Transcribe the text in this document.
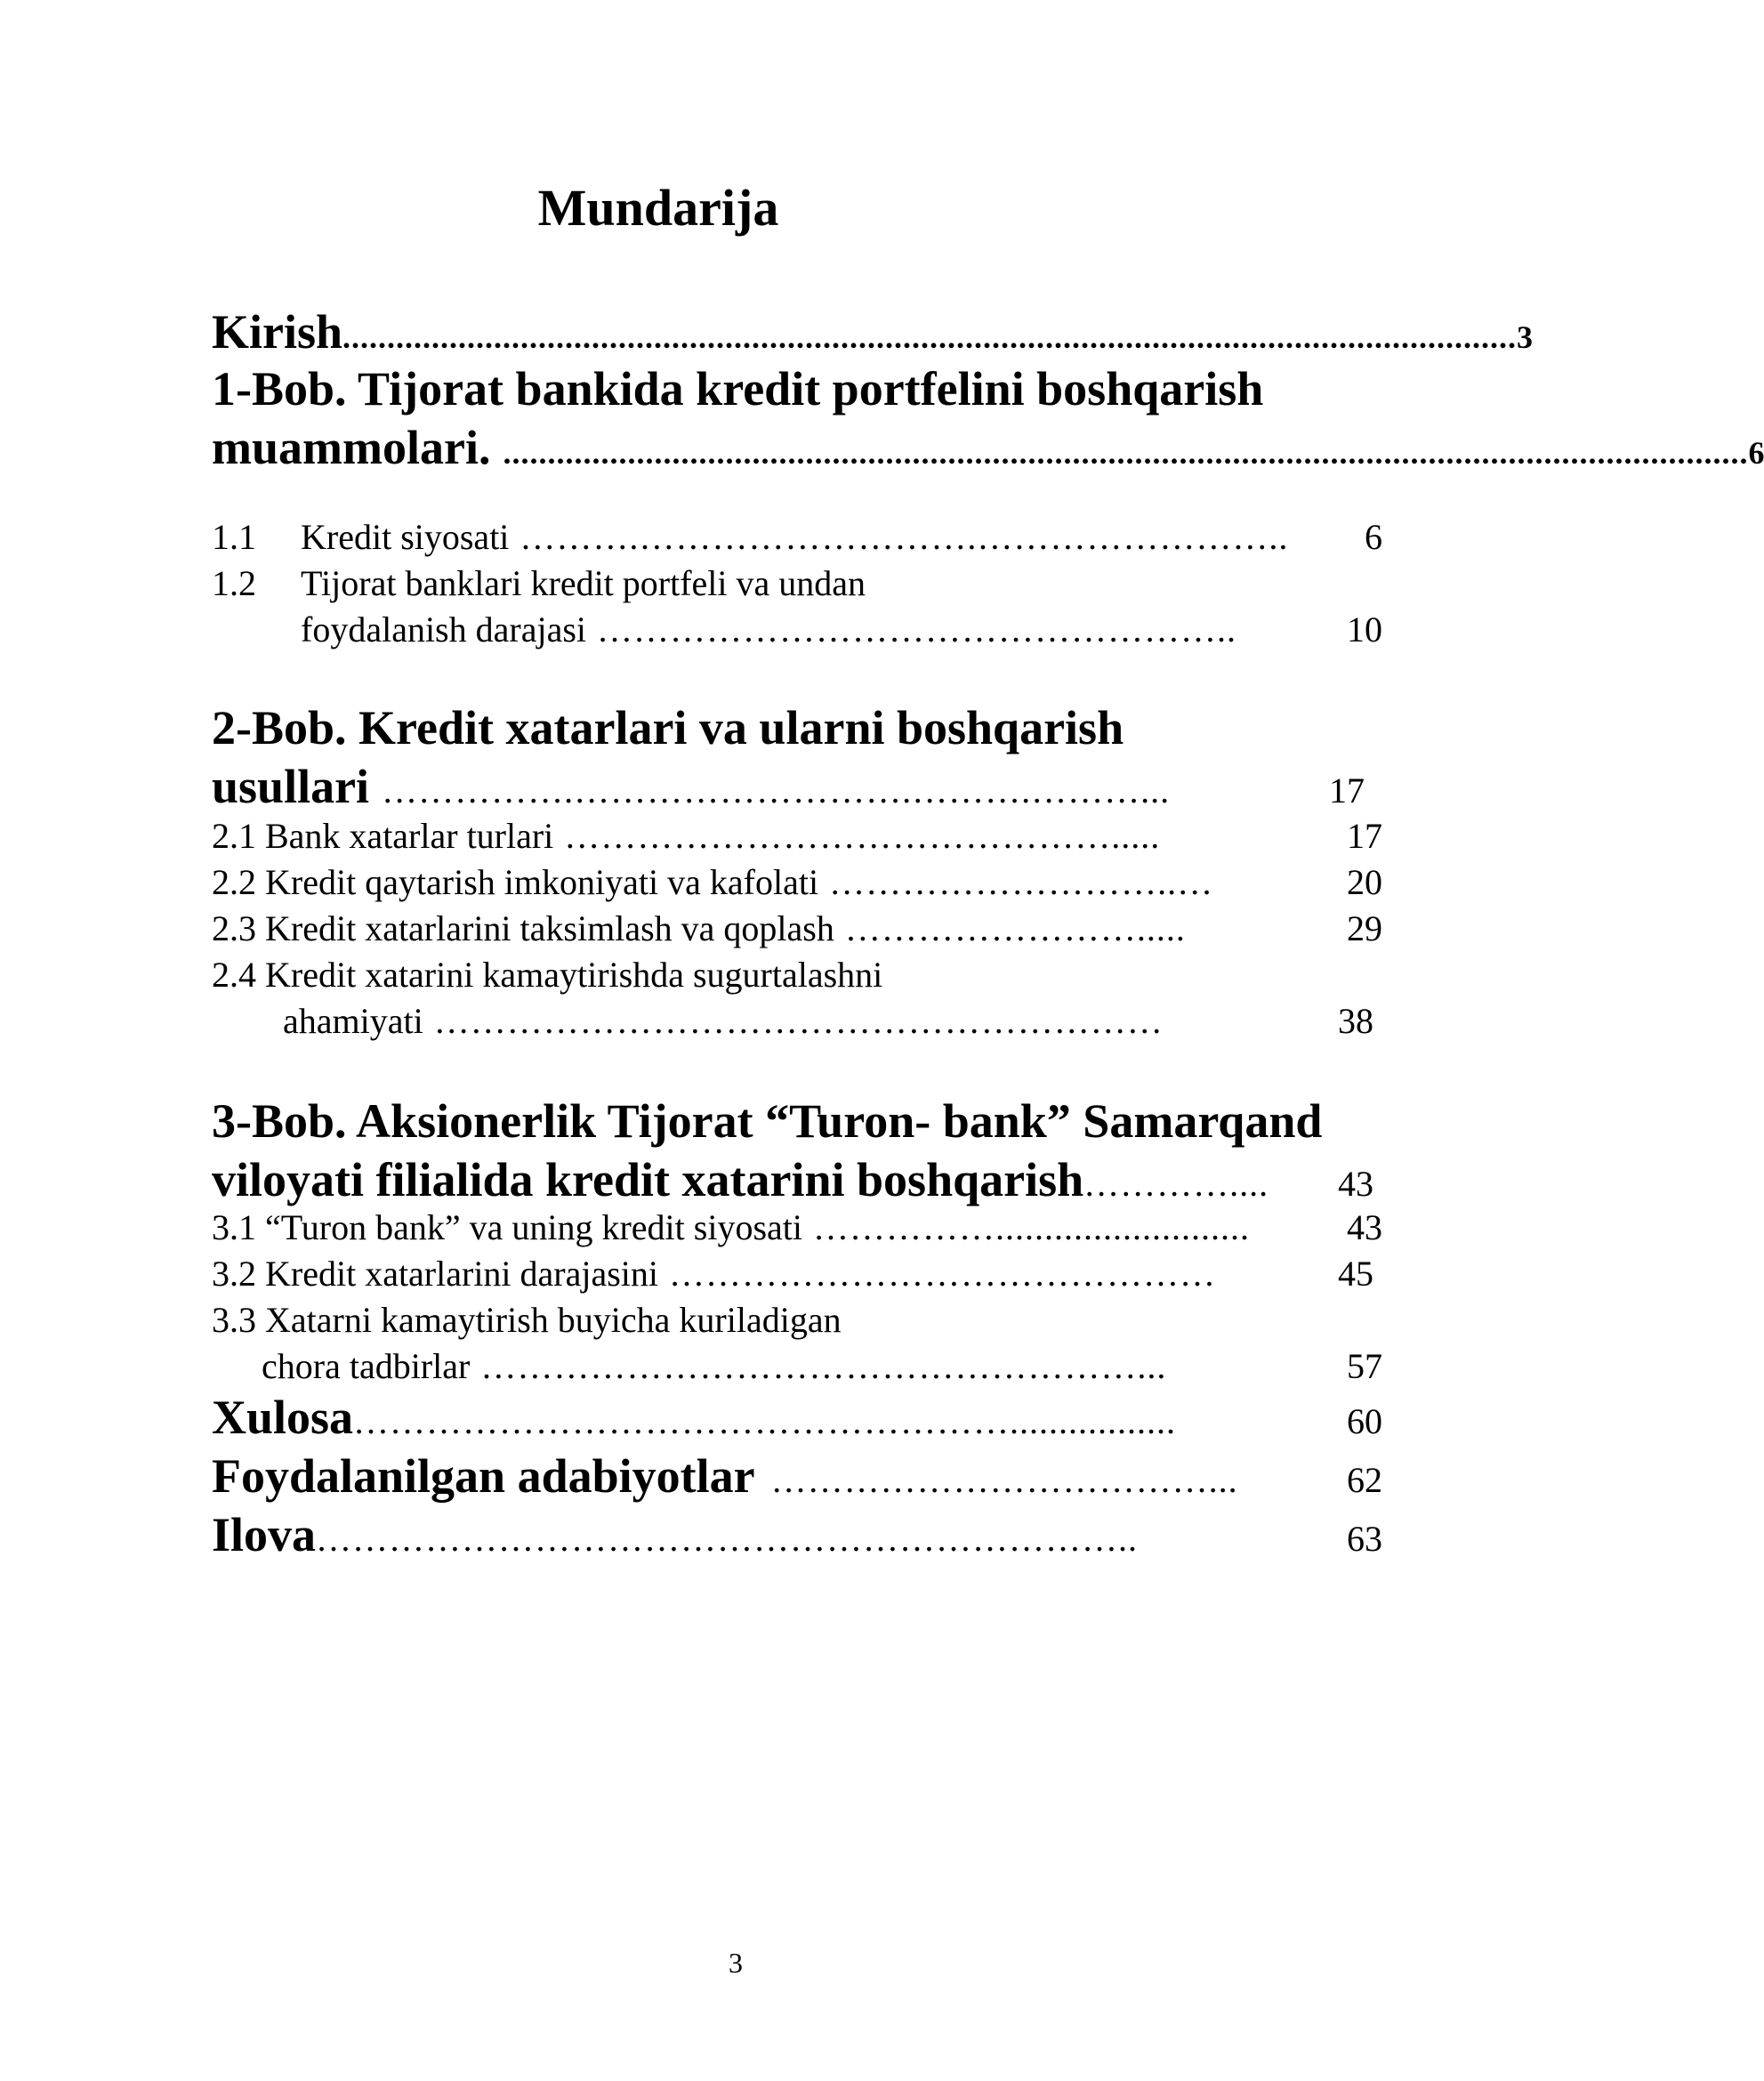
Mundarija
Kirish .................................................................................................................................... 3
1-Bob. Tijorat bankida kredit portfelini boshqarish
muammolari. ............................................................................................................................................ 6
1.1 Kredit siyosati ……….……………………….……………………..	6
1.2 Tijorat banklari kredit portfeli va undan
foydalanish darajasi ……………………………………………..	10
2-Bob. Kredit xatarlari va ularni boshqarish
usullari …………….……………………….……….………...	17
2.1 Bank xatarlar turlari ……………………………………….....	17
2.2 Kredit qaytarish imkoniyati va kafolati ………………………..…	20
2.3 Kredit xatarlarini taksimlash va qoplash …………………….....	29
2.4 Kredit xatarini kamaytirishda sugurtalashni
ahamiyati ……………………………………………………	38
3-Bob. Aksionerlik Tijorat “Turon- bank” Samarqand
viloyati filialida kredit xatarini boshqarish …………....	43
3.1 “Turon bank” va uning kredit siyosati ……………..........................	43
3.2 Kredit xatarlarini darajasini ………………………………………	45
3.3 Xatarni kamaytirish buyicha kuriladigan
chora tadbirlar ………………………………………………...	57
Xulosa ……………………………………………….................	60
Foydalanilgan adabiyotlar ………………………………...	62
Ilova …………………………………………………………..	63
3
